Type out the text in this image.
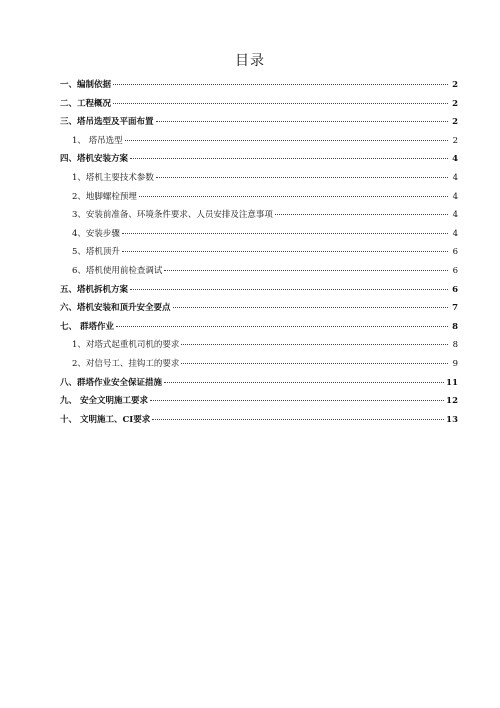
目录
一、编制依据	2
二、工程概况	2
三、塔吊选型及平面布置	2
1、 塔吊选型	2
四、塔机安装方案	4
1、塔机主要技术参数	4
2、地脚螺栓预埋	4
3、安装前准备、环境条件要求、人员安排及注意事项	4
4、安装步骤	4
5、塔机顶升	6
6、塔机使用前检查调试	6
五、塔机拆机方案	6
六、塔机安装和顶升安全要点	7
七、 群塔作业	8
1、对塔式起重机司机的要求	8
2、对信号工、挂钩工的要求	9
八、群塔作业安全保证措施	11
九、 安全文明施工要求	12
十、 文明施工、CI要求	13
